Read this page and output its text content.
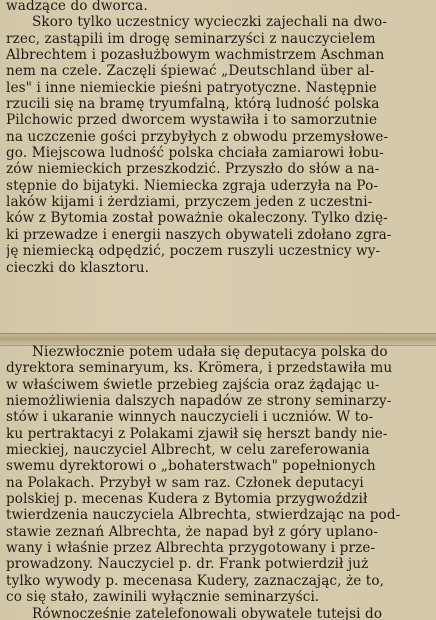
wadzące do dworca.
Skoro tylko uczestnicy wycieczki zajechali na dwo-
rzec, zastąpili im drogę seminarzyści z nauczycielem
Albrechtem i pozasłużbowym wachmistrzem Aschman
nem na czele. Zaczęli śpiewać „Deutschland über al-
les" i inne niemieckie pieśni patryotyczne. Następnie
rzucili się na bramę tryumfalną, którą ludność polska
Pilchowic przed dworcem wystawiła i to samorzutnie
na uczczenie gości przybyłych z obwodu przemysłowe-
go. Miejscowa ludność polska chciała zamiarowi łobu-
zów niemieckich przeszkodzić. Przyszło do słów a na-
stępnie do bijatyki. Niemiecka zgraja uderzyła na Po-
laków kijami i żerdziami, przyczem jeden z uczestni-
ków z Bytomia został poważnie okaleczony. Tylko dzię-
ki przewadze i energii naszych obywateli zdołano zgra-
ję niemiecką odpędzić, poczem ruszyli uczestnicy wy-
cieczki do klasztoru.
Niezwłocznie potem udała się deputacya polska do
dyrektora seminaryum, ks. Krömera, i przedstawiła mu
w właściwem świetle przebieg zajścia oraz żądając u-
niemożliwienia dalszych napadów ze strony seminarzy-
stów i ukaranie winnych nauczycieli i uczniów. W to-
ku pertraktacyi z Polakami zjawił się herszt bandy nie-
mieckiej, nauczyciel Albrecht, w celu zareferowania
swemu dyrektorowi o „bohaterstwach" popełnionych
na Polakach. Przybył w sam raz. Członek deputacyi
polskiej p. mecenas Kudera z Bytomia przygwoździł
twierdzenia nauczyciela Albrechta, stwierdzając na pod-
stawie zeznań Albrechta, że napad był z góry uplano-
wany i właśnie przez Albrechta przygotowany i prze-
prowadzony. Nauczyciel p. dr. Frank potwierdził już
tylko wywody p. mecenasa Kudery, zaznaczając, że to,
co się stało, zawinili wyłącznie seminarzyści.
Równocześnie zatelefonowali obywatele tutejsi do
